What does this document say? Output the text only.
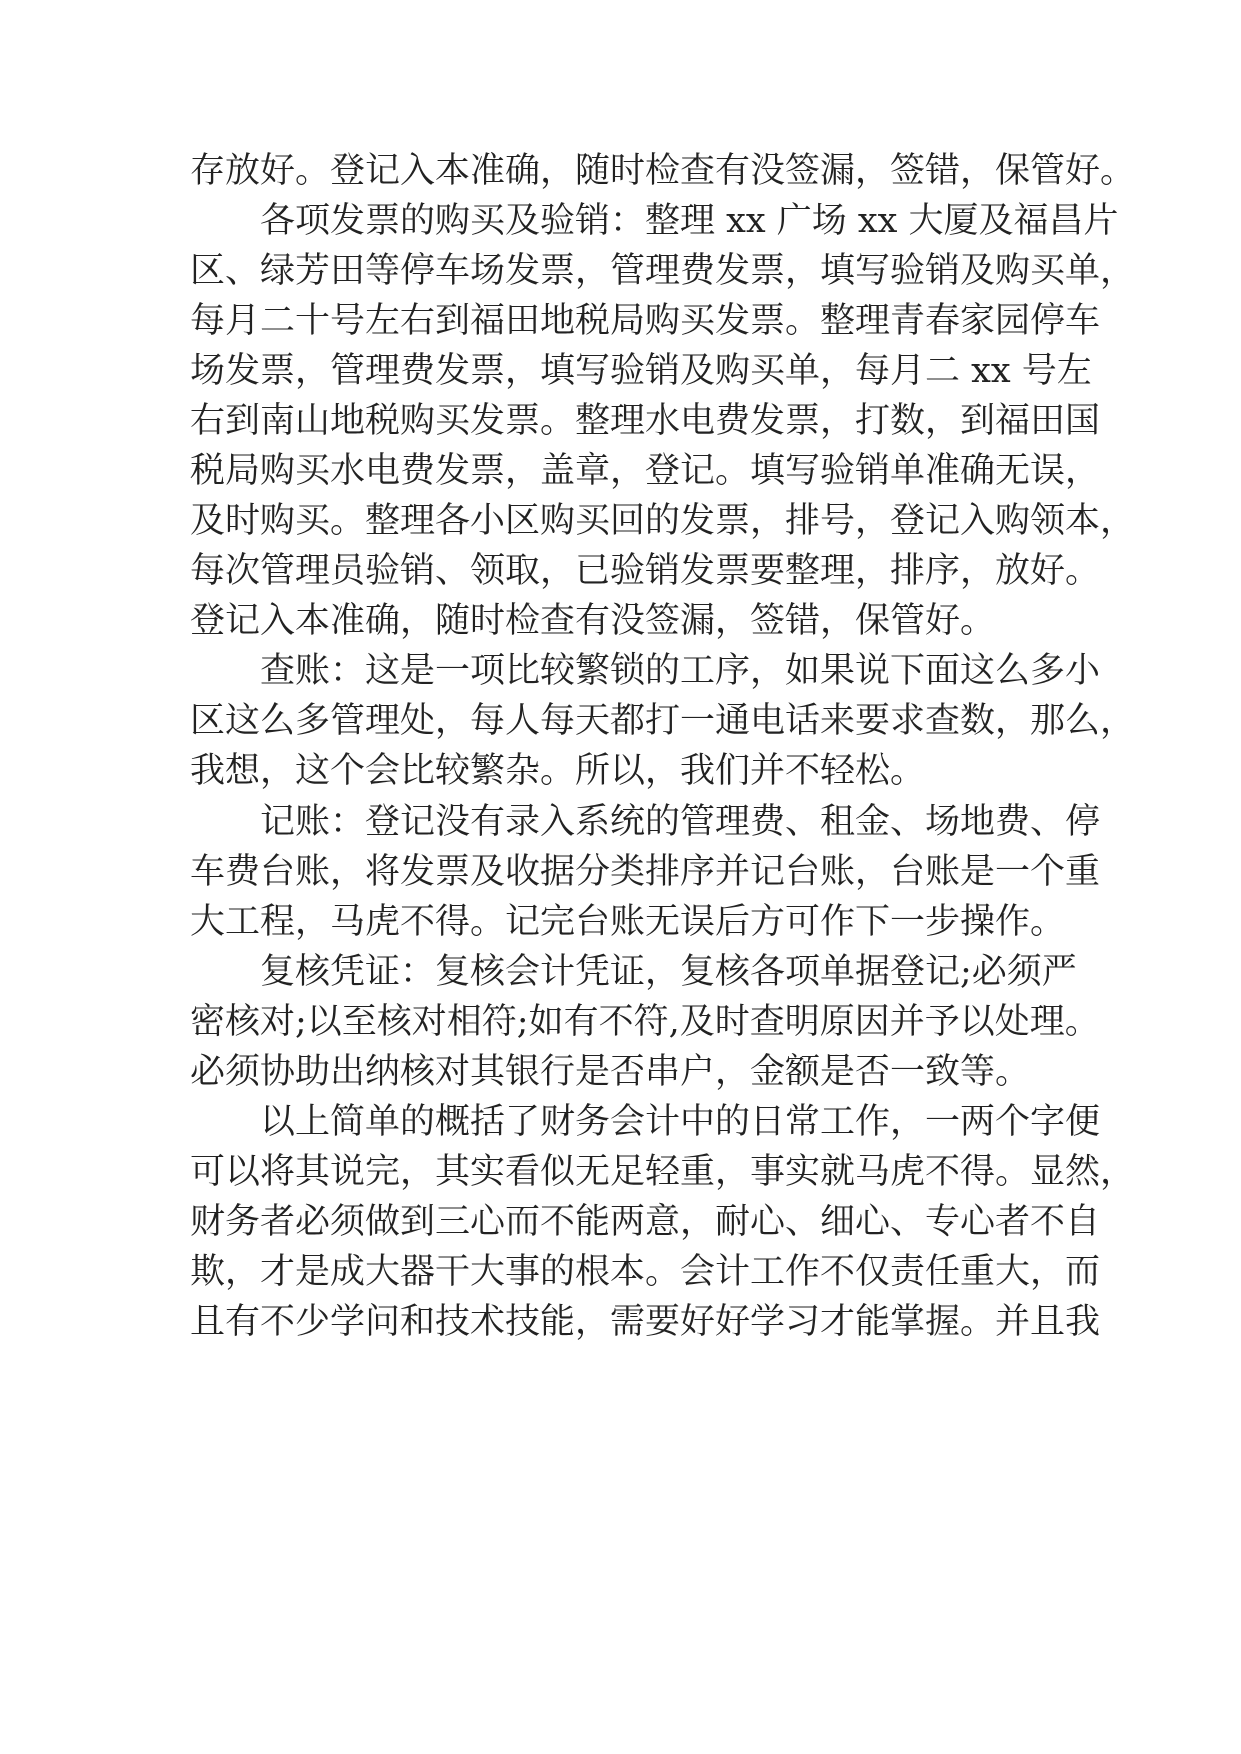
存放好。登记入本准确，随时检查有没签漏，签错，保管好。
各项发票的购买及验销：整理 xx 广场 xx 大厦及福昌片
区、绿芳田等停车场发票，管理费发票，填写验销及购买单，
每月二十号左右到福田地税局购买发票。整理青春家园停车
场发票，管理费发票，填写验销及购买单，每月二 xx 号左
右到南山地税购买发票。整理水电费发票，打数，到福田国
税局购买水电费发票，盖章，登记。填写验销单准确无误，
及时购买。整理各小区购买回的发票，排号，登记入购领本，
每次管理员验销、领取，已验销发票要整理，排序，放好。
登记入本准确，随时检查有没签漏，签错，保管好。
查账：这是一项比较繁锁的工序，如果说下面这么多小
区这么多管理处，每人每天都打一通电话来要求查数，那么，
我想，这个会比较繁杂。所以，我们并不轻松。
记账：登记没有录入系统的管理费、租金、场地费、停
车费台账，将发票及收据分类排序并记台账，台账是一个重
大工程，马虎不得。记完台账无误后方可作下一步操作。
复核凭证：复核会计凭证，复核各项单据登记;必须严
密核对;以至核对相符;如有不符,及时查明原因并予以处理。
必须协助出纳核对其银行是否串户，金额是否一致等。
以上简单的概括了财务会计中的日常工作，一两个字便
可以将其说完，其实看似无足轻重，事实就马虎不得。显然，
财务者必须做到三心而不能两意，耐心、细心、专心者不自
欺，才是成大器干大事的根本。会计工作不仅责任重大，而
且有不少学问和技术技能，需要好好学习才能掌握。并且我
